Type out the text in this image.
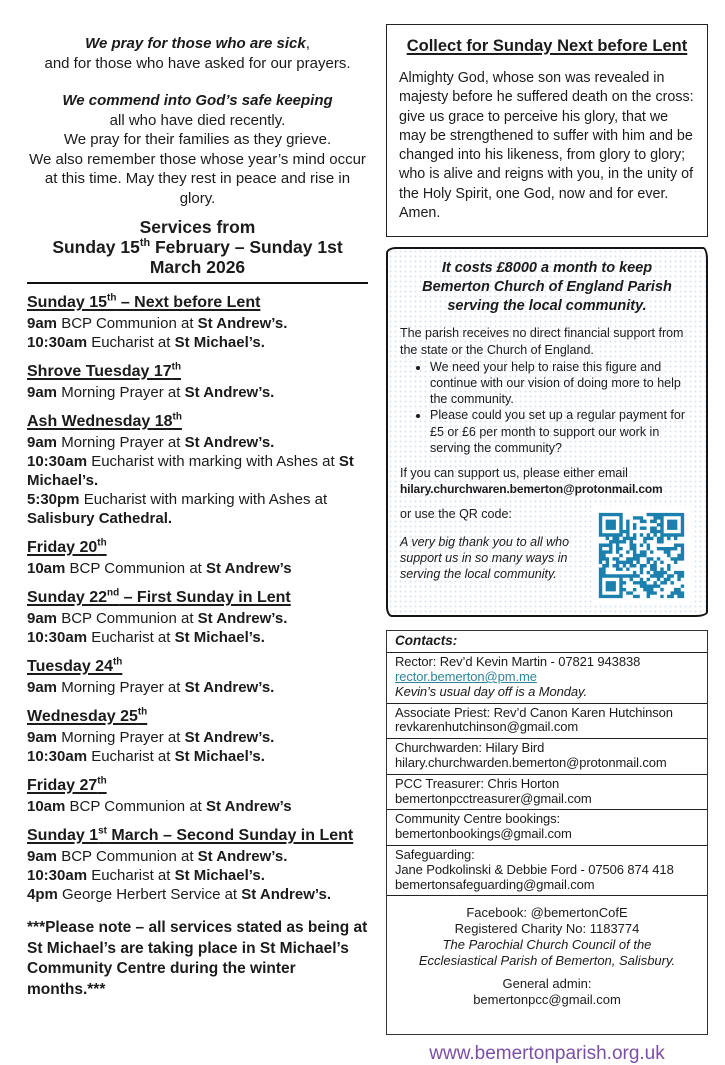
We pray for those who are sick,
and for those who have asked for our prayers.
We commend into God’s safe keeping
all who have died recently.
We pray for their families as they grieve.
We also remember those whose year’s mind occur at this time. May they rest in peace and rise in glory.
Services from
Sunday 15th February – Sunday 1st March 2026
Sunday 15th – Next before Lent
9am BCP Communion at St Andrew’s.
10:30am Eucharist at St Michael’s.
Shrove Tuesday 17th
9am Morning Prayer at St Andrew’s.
Ash Wednesday 18th
9am Morning Prayer at St Andrew’s.
10:30am Eucharist with marking with Ashes at St Michael’s.
5:30pm Eucharist with marking with Ashes at Salisbury Cathedral.
Friday 20th
10am BCP Communion at St Andrew’s
Sunday 22nd – First Sunday in Lent
9am BCP Communion at St Andrew’s.
10:30am Eucharist at St Michael’s.
Tuesday 24th
9am Morning Prayer at St Andrew’s.
Wednesday 25th
9am Morning Prayer at St Andrew’s.
10:30am Eucharist at St Michael’s.
Friday 27th
10am BCP Communion at St Andrew’s
Sunday 1st March – Second Sunday in Lent
9am BCP Communion at St Andrew’s.
10:30am Eucharist at St Michael’s.
4pm George Herbert Service at St Andrew’s.

***Please note – all services stated as being at St Michael’s are taking place in St Michael’s Community Centre during the winter months.***

Collect for Sunday Next before Lent

Almighty God, whose son was revealed in majesty before he suffered death on the cross: give us grace to perceive his glory, that we may be strengthened to suffer with him and be changed into his likeness, from glory to glory; who is alive and reigns with you, in the unity of the Holy Spirit, one God, now and for ever. Amen.

It costs £8000 a month to keep Bemerton Church of England Parish serving the local community.

The parish receives no direct financial support from the state or the Church of England.

• We need your help to raise this figure and continue with our vision of doing more to help the community.
• Please could you set up a regular payment for £5 or £6 per month to support our work in serving the community?

If you can support us, please either email
hilary.churchwaren.bemerton@protonmail.com

or use the QR code:

A very big thank you to all who support us in so many ways in serving the local community.

Contacts:
Rector: Rev’d Kevin Martin - 07821 943838
rector.bemerton@pm.me
Kevin’s usual day off is a Monday.
Associate Priest: Rev’d Canon Karen Hutchinson
revkarenhutchinson@gmail.com
Churchwarden: Hilary Bird
hilary.churchwarden.bemerton@protonmail.com
PCC Treasurer: Chris Horton
bemertonpcctreasurer@gmail.com
Community Centre bookings:
bemertonbookings@gmail.com
Safeguarding:
Jane Podkolinski & Debbie Ford - 07506 874 418
bemertonsafeguarding@gmail.com
Facebook: @bemertonCofE
Registered Charity No: 1183774
The Parochial Church Council of the
Ecclesiastical Parish of Bemerton, Salisbury.
General admin:
bemertonpcc@gmail.com
www.bemertonparish.org.uk
